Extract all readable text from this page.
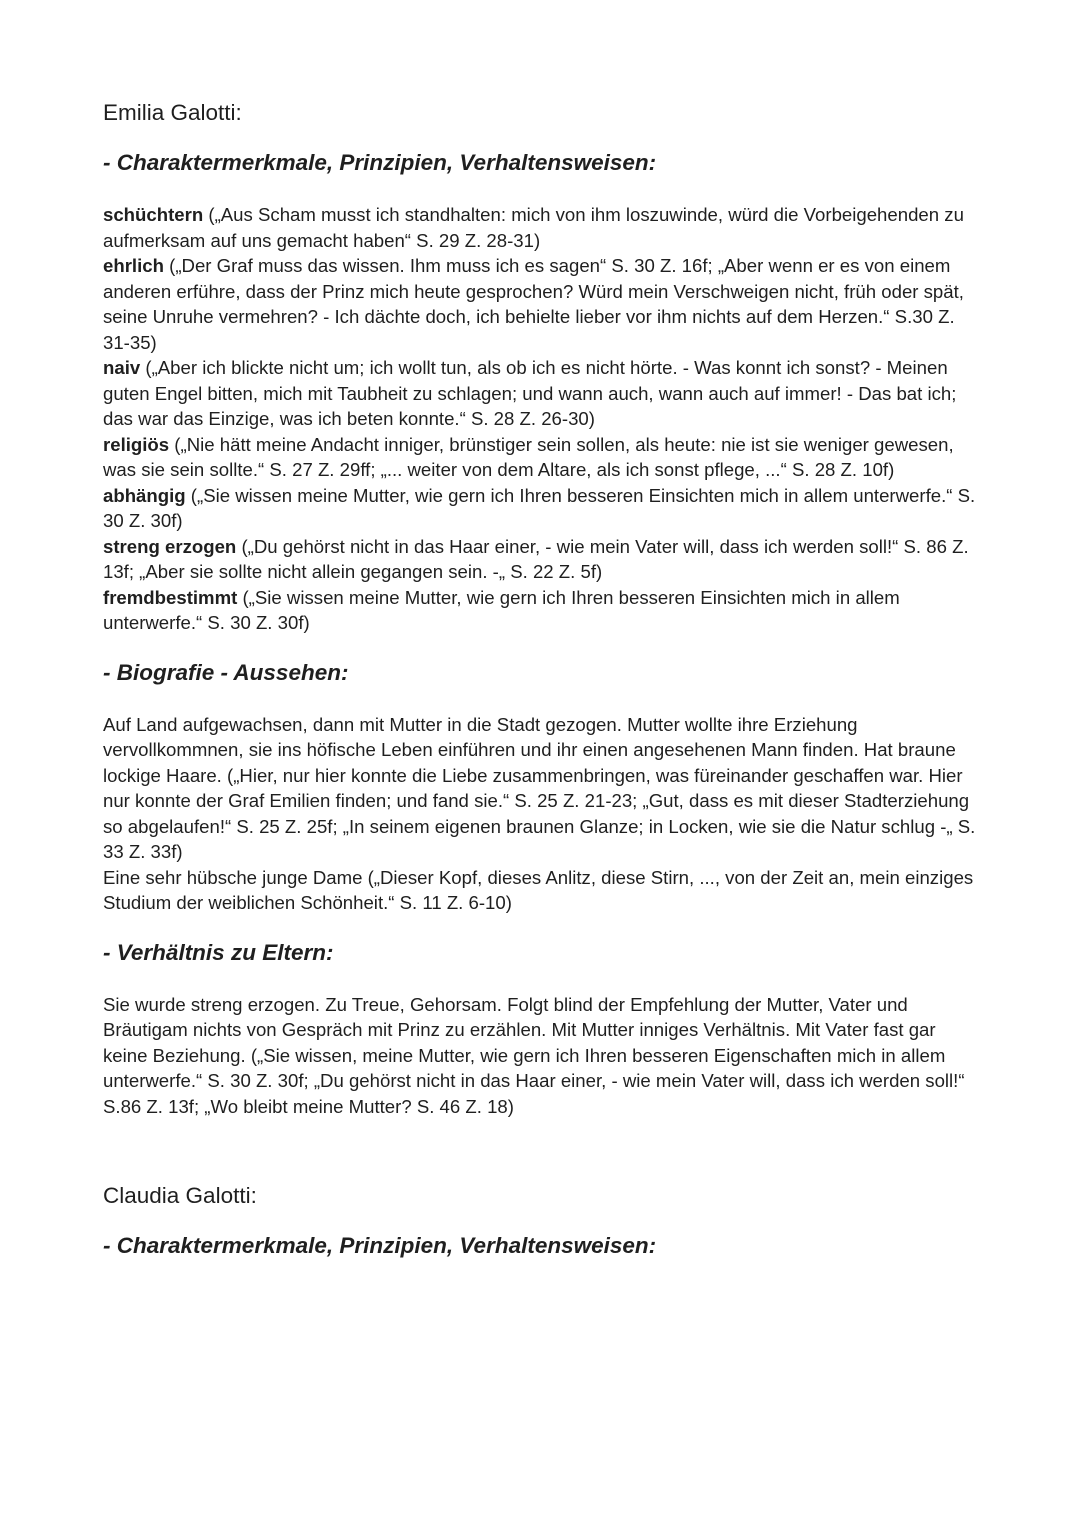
Emilia Galotti:
- Charaktermerkmale, Prinzipien, Verhaltensweisen:

schüchtern („Aus Scham musst ich standhalten: mich von ihm loszuwinde, würd die Vorbeigehenden zu aufmerksam auf uns gemacht haben“ S. 29 Z. 28-31)

ehrlich („Der Graf muss das wissen. Ihm muss ich es sagen“ S. 30 Z. 16f; „Aber wenn er es von einem anderen erführe, dass der Prinz mich heute gesprochen? Würd mein Verschweigen nicht, früh oder spät, seine Unruhe vermehren? - Ich dächte doch, ich behielte lieber vor ihm nichts auf dem Herzen.“ S.30 Z. 31-35)

naiv („Aber ich blickte nicht um; ich wollt tun, als ob ich es nicht hörte. - Was konnt ich sonst? - Meinen guten Engel bitten, mich mit Taubheit zu schlagen; und wann auch, wann auch auf immer! - Das bat ich; das war das Einzige, was ich beten konnte.“ S. 28 Z. 26-30)

religiös („Nie hätt meine Andacht inniger, brünstiger sein sollen, als heute: nie ist sie weniger gewesen, was sie sein sollte.“ S. 27 Z. 29ff; „... weiter von dem Altare, als ich sonst pflege, ...“ S. 28 Z. 10f)

abhängig („Sie wissen meine Mutter, wie gern ich Ihren besseren Einsichten mich in allem unterwerfe.“ S. 30 Z. 30f)

streng erzogen („Du gehörst nicht in das Haar einer, - wie mein Vater will, dass ich werden soll!“ S. 86 Z. 13f; „Aber sie sollte nicht allein gegangen sein. -„ S. 22 Z. 5f)

fremdbestimmt („Sie wissen meine Mutter, wie gern ich Ihren besseren Einsichten mich in allem unterwerfe.“ S. 30 Z. 30f)

- Biografie - Aussehen:

Auf Land aufgewachsen, dann mit Mutter in die Stadt gezogen. Mutter wollte ihre Erziehung vervollkommnen, sie ins höfische Leben einführen und ihr einen angesehenen Mann finden. Hat braune lockige Haare. („Hier, nur hier konnte die Liebe zusammenbringen, was füreinander geschaffen war. Hier nur konnte der Graf Emilien finden; und fand sie.“ S. 25 Z. 21-23; „Gut, dass es mit dieser Stadterziehung so abgelaufen!“ S. 25 Z. 25f; „In seinem eigenen braunen Glanze; in Locken, wie sie die Natur schlug -„ S. 33 Z. 33f)

Eine sehr hübsche junge Dame („Dieser Kopf, dieses Anlitz, diese Stirn, ..., von der Zeit an, mein einziges Studium der weiblichen Schönheit.“ S. 11 Z. 6-10)

- Verhältnis zu Eltern:

Sie wurde streng erzogen. Zu Treue, Gehorsam. Folgt blind der Empfehlung der Mutter, Vater und Bräutigam nichts von Gespräch mit Prinz zu erzählen. Mit Mutter inniges Verhältnis. Mit Vater fast gar keine Beziehung. („Sie wissen, meine Mutter, wie gern ich Ihren besseren Eigenschaften mich in allem unterwerfe.“ S. 30 Z. 30f; „Du gehörst nicht in das Haar einer, - wie mein Vater will, dass ich werden soll!“ S.86 Z. 13f; „Wo bleibt meine Mutter? S. 46 Z. 18)

Claudia Galotti:
- Charaktermerkmale, Prinzipien, Verhaltensweisen:
